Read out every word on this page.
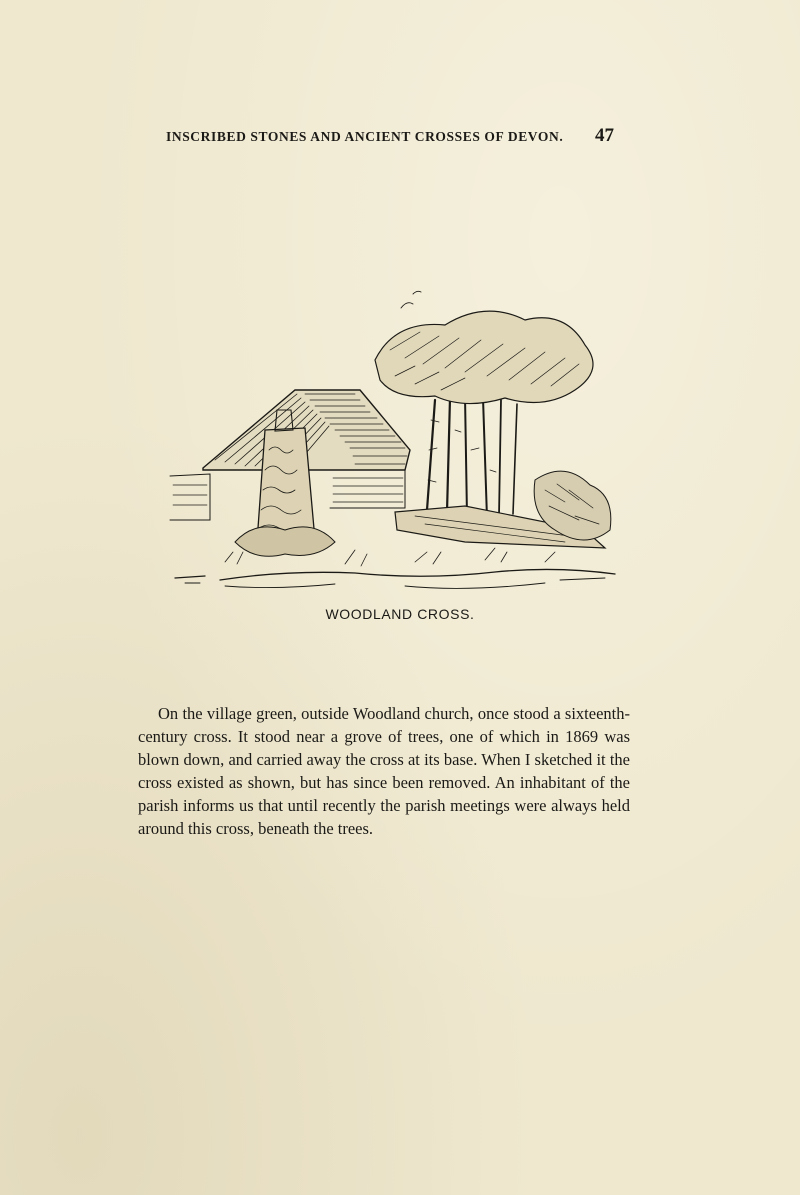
INSCRIBED STONES AND ANCIENT CROSSES OF DEVON. 47
WOODLAND CROSS.

On the village green, outside Woodland church, once stood a sixteenth-century cross. It stood near a grove of trees, one of which in 1869 was blown down, and carried away the cross at its base. When I sketched it the cross existed as shown, but has since been removed. An inhabitant of the parish informs us that until recently the parish meetings were always held around this cross, beneath the trees.
